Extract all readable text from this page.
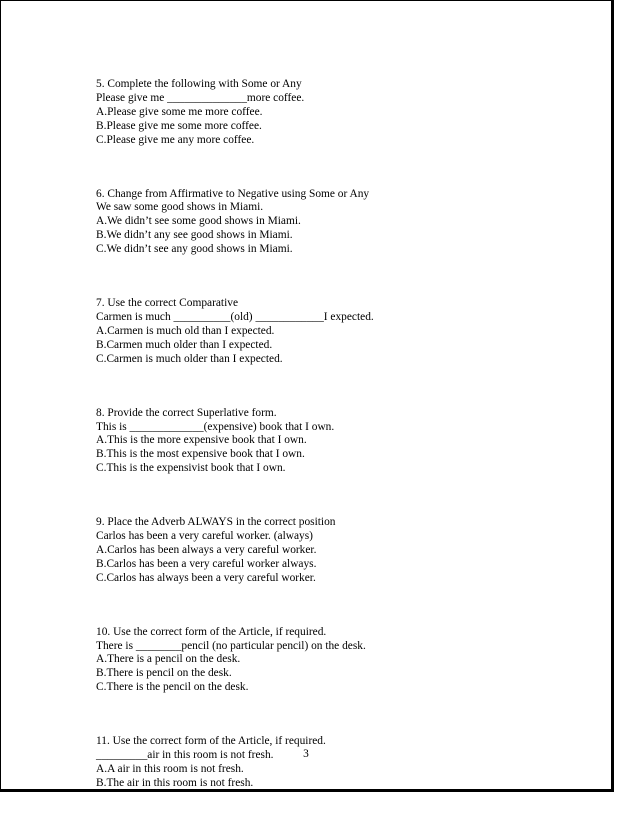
5. Complete the following with Some or Any
Please give me ______________more coffee.
A.Please give some me more coffee.
B.Please give me some more coffee.
C.Please give me any more coffee.
6. Change from Affirmative to Negative using Some or Any
We saw some good shows in Miami.
A.We didn’t see some good shows in Miami.
B.We didn’t any see good shows in Miami.
C.We didn’t see any good shows in Miami.
7. Use the correct Comparative
Carmen is much __________(old) ____________I expected.
A.Carmen is much old than I expected.
B.Carmen much older than I expected.
C.Carmen is much older than I expected.
8. Provide the correct Superlative form.
This is _____________(expensive) book that I own.
A.This is the more expensive book that I own.
B.This is the most expensive book that I own.
C.This is the expensivist book that I own.
9. Place the Adverb ALWAYS in the correct position
Carlos has been a very careful worker. (always)
A.Carlos has been always a very careful worker.
B.Carlos has been a very careful worker always.
C.Carlos has always been a very careful worker.
10. Use the correct form of the Article, if required.
There is ________pencil (no particular pencil) on the desk.
A.There is a pencil on the desk.
B.There is pencil on the desk.
C.There is the pencil on the desk.
11. Use the correct form of the Article, if required.
_________air in this room is not fresh.
A.A air in this room is not fresh.
B.The air in this room is not fresh.
3
